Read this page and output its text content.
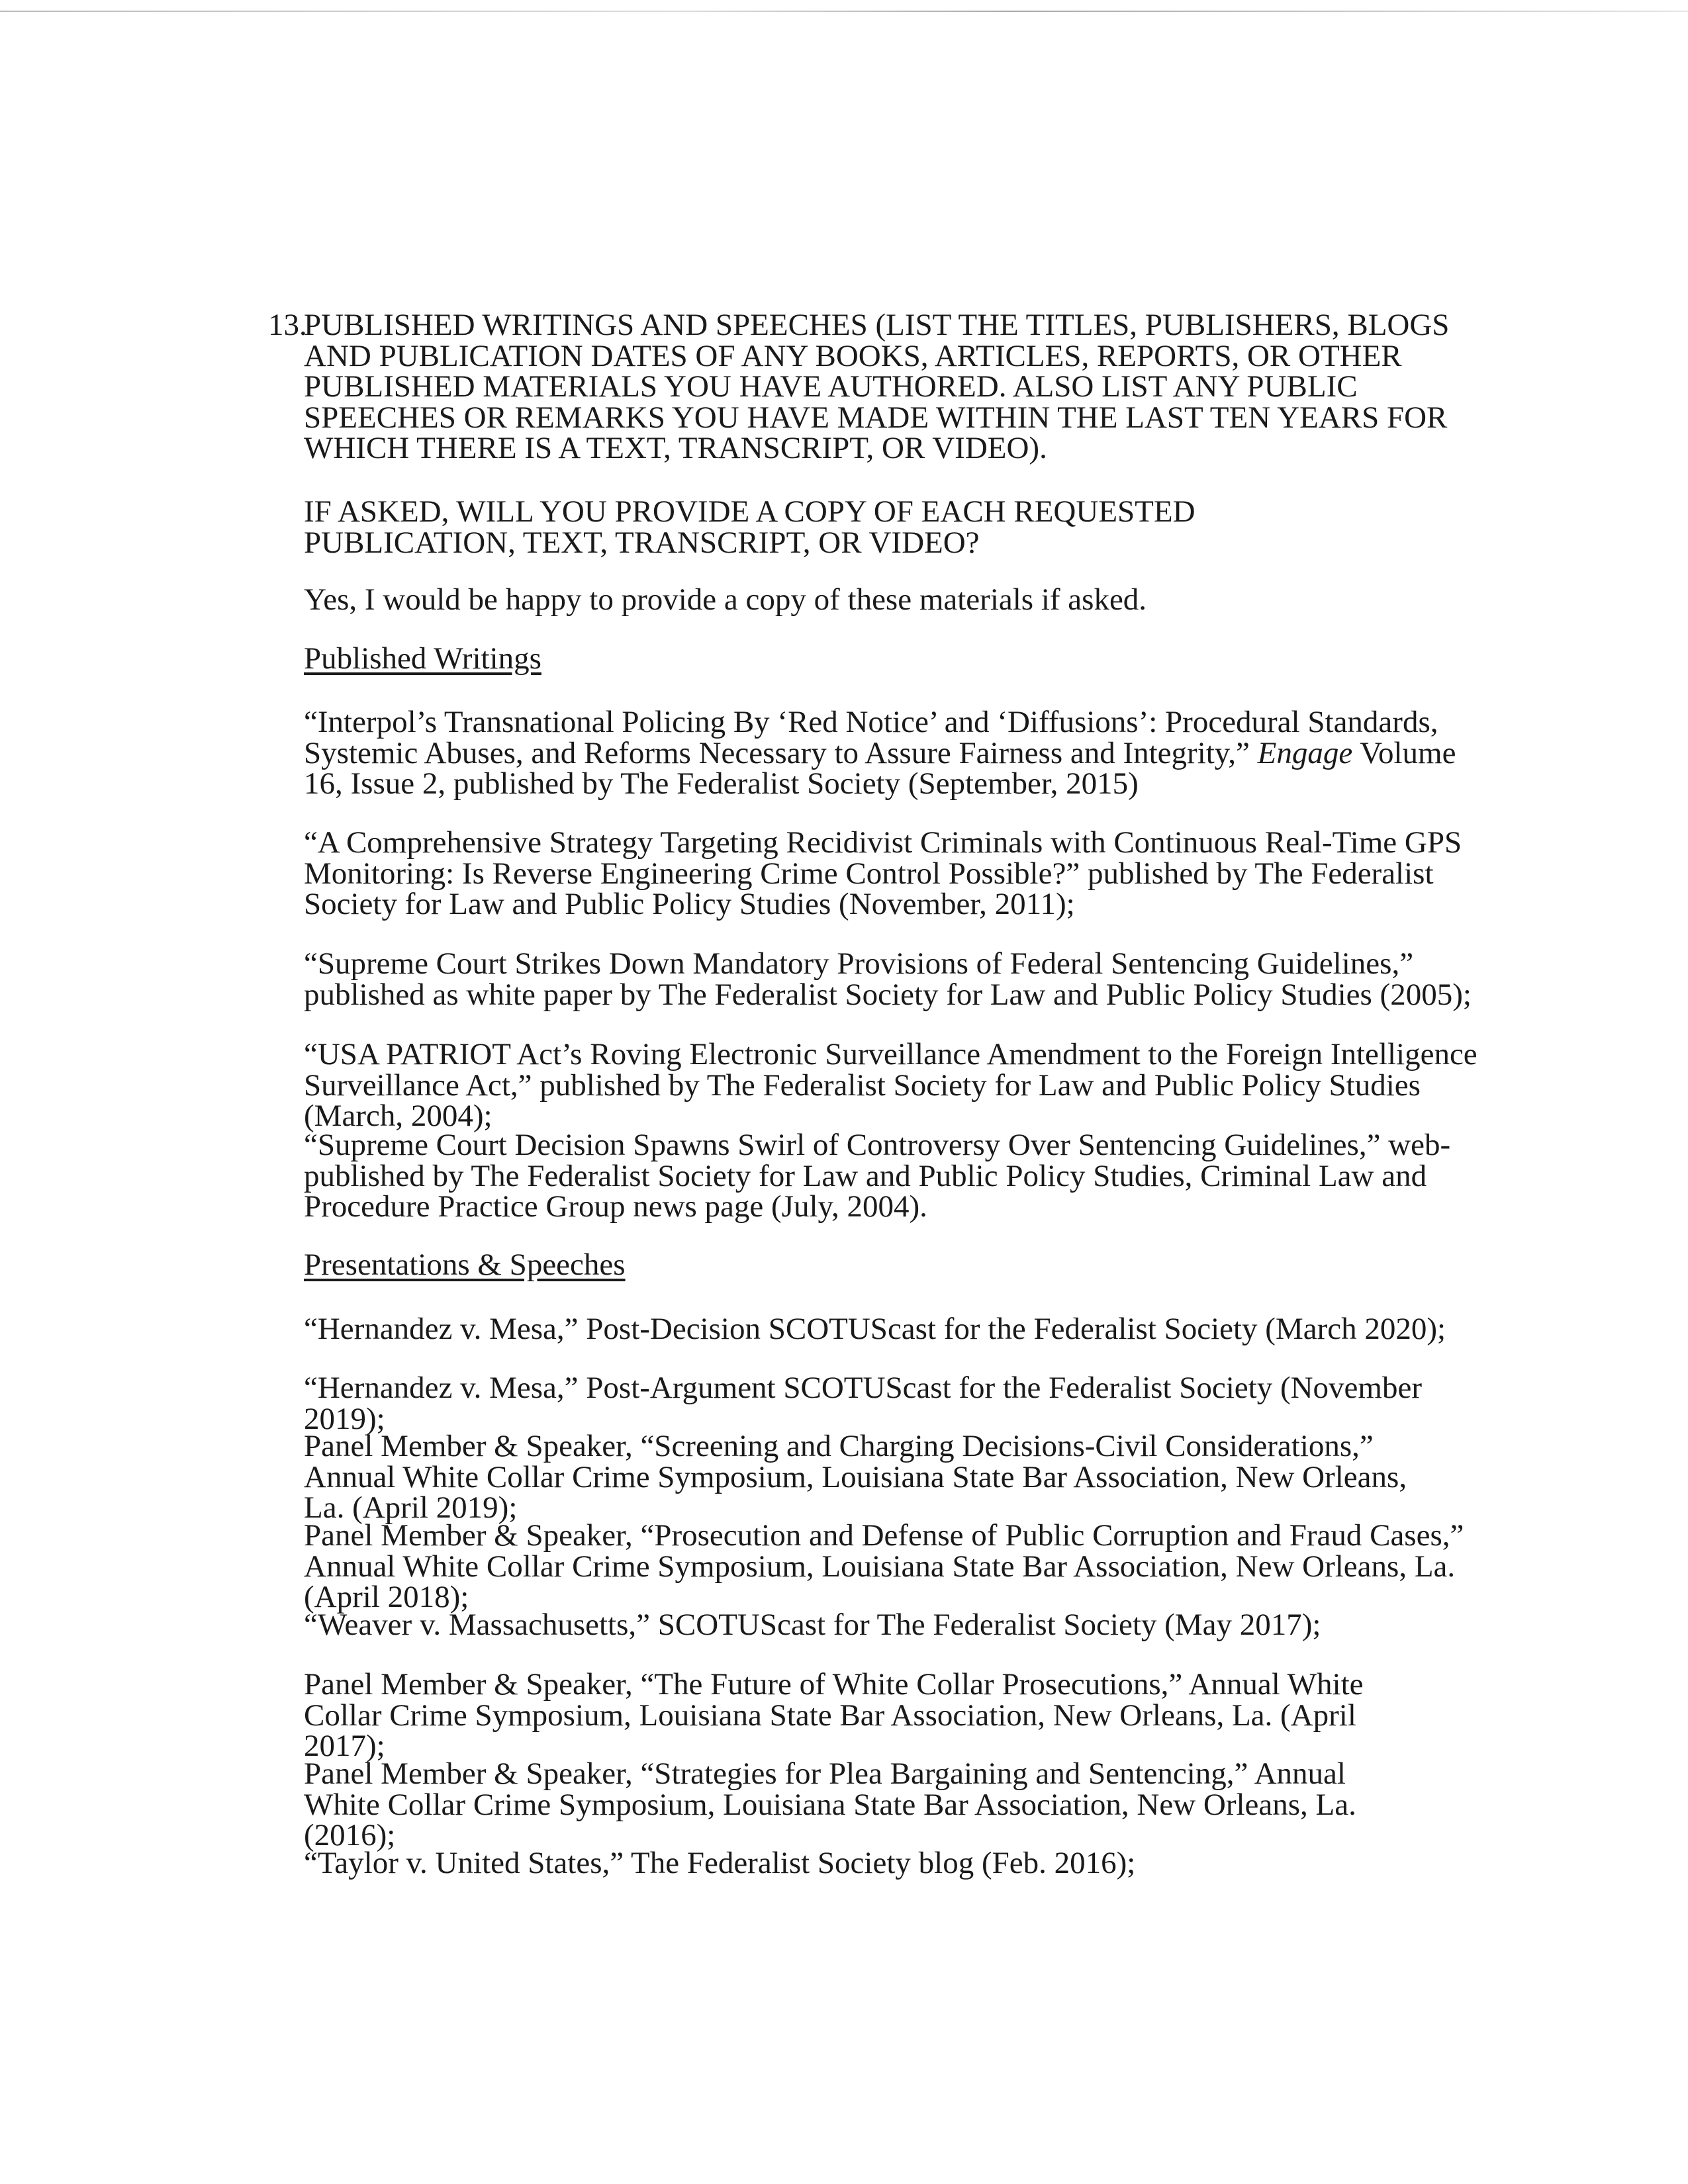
13.

PUBLISHED WRITINGS AND SPEECHES (LIST THE TITLES, PUBLISHERS, BLOGS AND PUBLICATION DATES OF ANY BOOKS, ARTICLES, REPORTS, OR OTHER PUBLISHED MATERIALS YOU HAVE AUTHORED. ALSO LIST ANY PUBLIC SPEECHES OR REMARKS YOU HAVE MADE WITHIN THE LAST TEN YEARS FOR WHICH THERE IS A TEXT, TRANSCRIPT, OR VIDEO).

IF ASKED, WILL YOU PROVIDE A COPY OF EACH REQUESTED PUBLICATION, TEXT, TRANSCRIPT, OR VIDEO?

Yes, I would be happy to provide a copy of these materials if asked.

Published Writings

“Interpol’s Transnational Policing By ‘Red Notice’ and ‘Diffusions’: Procedural Standards, Systemic Abuses, and Reforms Necessary to Assure Fairness and Integrity,” Engage Volume 16, Issue 2, published by The Federalist Society (September, 2015)

“A Comprehensive Strategy Targeting Recidivist Criminals with Continuous Real-Time GPS Monitoring: Is Reverse Engineering Crime Control Possible?” published by The Federalist Society for Law and Public Policy Studies (November, 2011);

“Supreme Court Strikes Down Mandatory Provisions of Federal Sentencing Guidelines,” published as white paper by The Federalist Society for Law and Public Policy Studies (2005);

“USA PATRIOT Act’s Roving Electronic Surveillance Amendment to the Foreign Intelligence Surveillance Act,” published by The Federalist Society for Law and Public Policy Studies (March, 2004);

“Supreme Court Decision Spawns Swirl of Controversy Over Sentencing Guidelines,” web-published by The Federalist Society for Law and Public Policy Studies, Criminal Law and Procedure Practice Group news page (July, 2004).

Presentations & Speeches

“Hernandez v. Mesa,” Post-Decision SCOTUScast for the Federalist Society (March 2020);

“Hernandez v. Mesa,” Post-Argument SCOTUScast for the Federalist Society (November 2019);

Panel Member & Speaker, “Screening and Charging Decisions-Civil Considerations,” Annual White Collar Crime Symposium, Louisiana State Bar Association, New Orleans, La. (April 2019);

Panel Member & Speaker, “Prosecution and Defense of Public Corruption and Fraud Cases,” Annual White Collar Crime Symposium, Louisiana State Bar Association, New Orleans, La. (April 2018);

“Weaver v. Massachusetts,” SCOTUScast for The Federalist Society (May 2017);

Panel Member & Speaker, “The Future of White Collar Prosecutions,” Annual White Collar Crime Symposium, Louisiana State Bar Association, New Orleans, La. (April 2017);

Panel Member & Speaker, “Strategies for Plea Bargaining and Sentencing,” Annual White Collar Crime Symposium, Louisiana State Bar Association, New Orleans, La. (2016);

“Taylor v. United States,” The Federalist Society blog (Feb. 2016);
